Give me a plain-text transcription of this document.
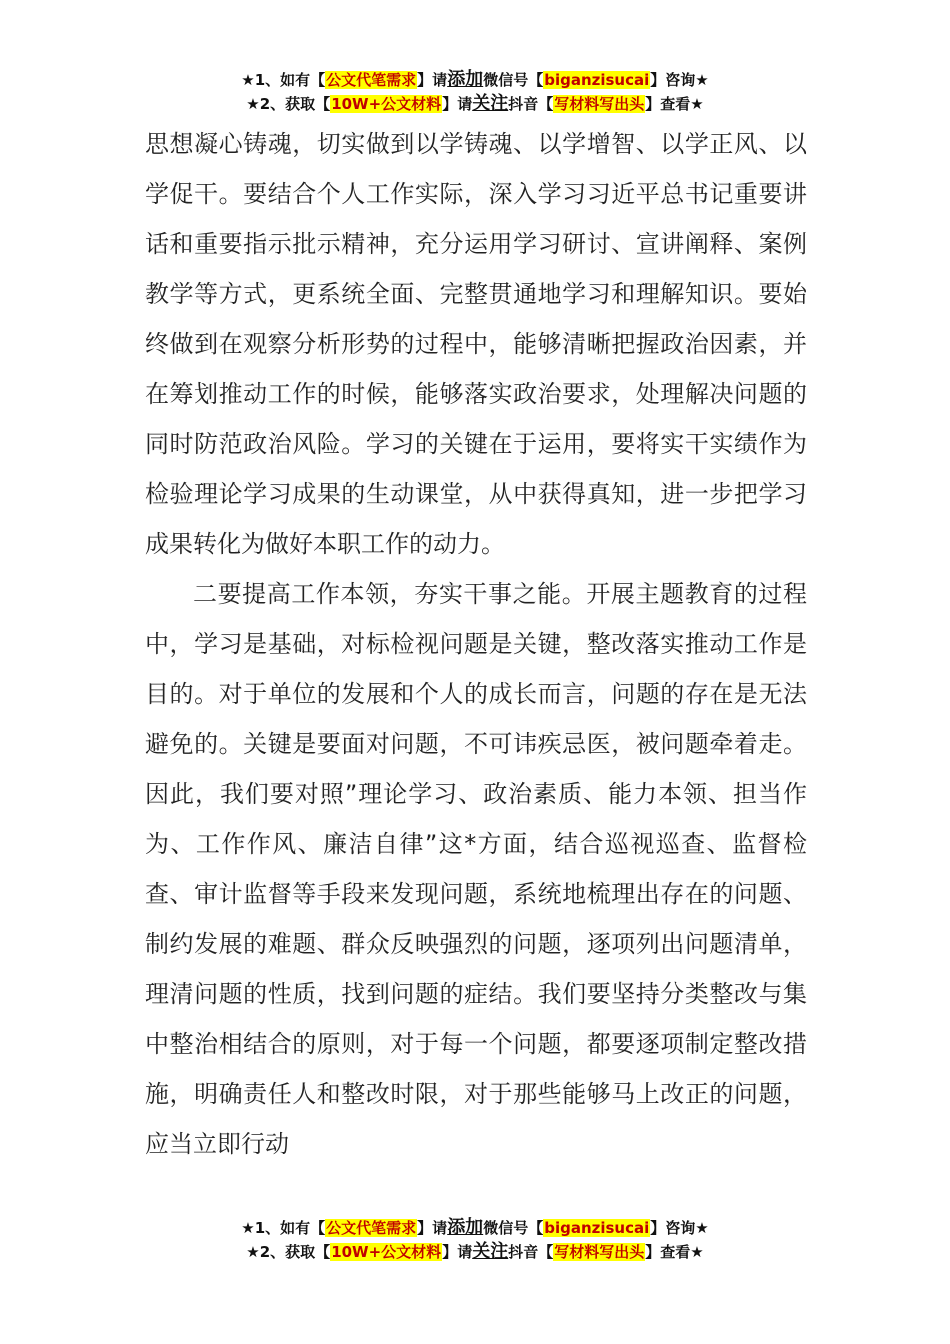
★1、如有【公文代笔需求】请添加微信号【biganzisucai】咨询★
★2、获取【10W+公文材料】请关注抖音【写材料写出头】查看★

思想凝心铸魂，切实做到以学铸魂、以学增智、以学正风、以学促干。要结合个人工作实际，深入学习习近平总书记重要讲话和重要指示批示精神，充分运用学习研讨、宣讲阐释、案例教学等方式，更系统全面、完整贯通地学习和理解知识。要始终做到在观察分析形势的过程中，能够清晰把握政治因素，并在筹划推动工作的时候，能够落实政治要求，处理解决问题的同时防范政治风险。学习的关键在于运用，要将实干实绩作为检验理论学习成果的生动课堂，从中获得真知，进一步把学习成果转化为做好本职工作的动力。

二要提高工作本领，夯实干事之能。开展主题教育的过程中，学习是基础，对标检视问题是关键，整改落实推动工作是目的。对于单位的发展和个人的成长而言，问题的存在是无法避免的。关键是要面对问题，不可讳疾忌医，被问题牵着走。因此，我们要对照”理论学习、政治素质、能力本领、担当作为、工作作风、廉洁自律”这*方面，结合巡视巡查、监督检查、审计监督等手段来发现问题，系统地梳理出存在的问题、制约发展的难题、群众反映强烈的问题，逐项列出问题清单，理清问题的性质，找到问题的症结。我们要坚持分类整改与集中整治相结合的原则，对于每一个问题，都要逐项制定整改措施，明确责任人和整改时限，对于那些能够马上改正的问题，应当立即行动

★1、如有【公文代笔需求】请添加微信号【biganzisucai】咨询★
★2、获取【10W+公文材料】请关注抖音【写材料写出头】查看★
